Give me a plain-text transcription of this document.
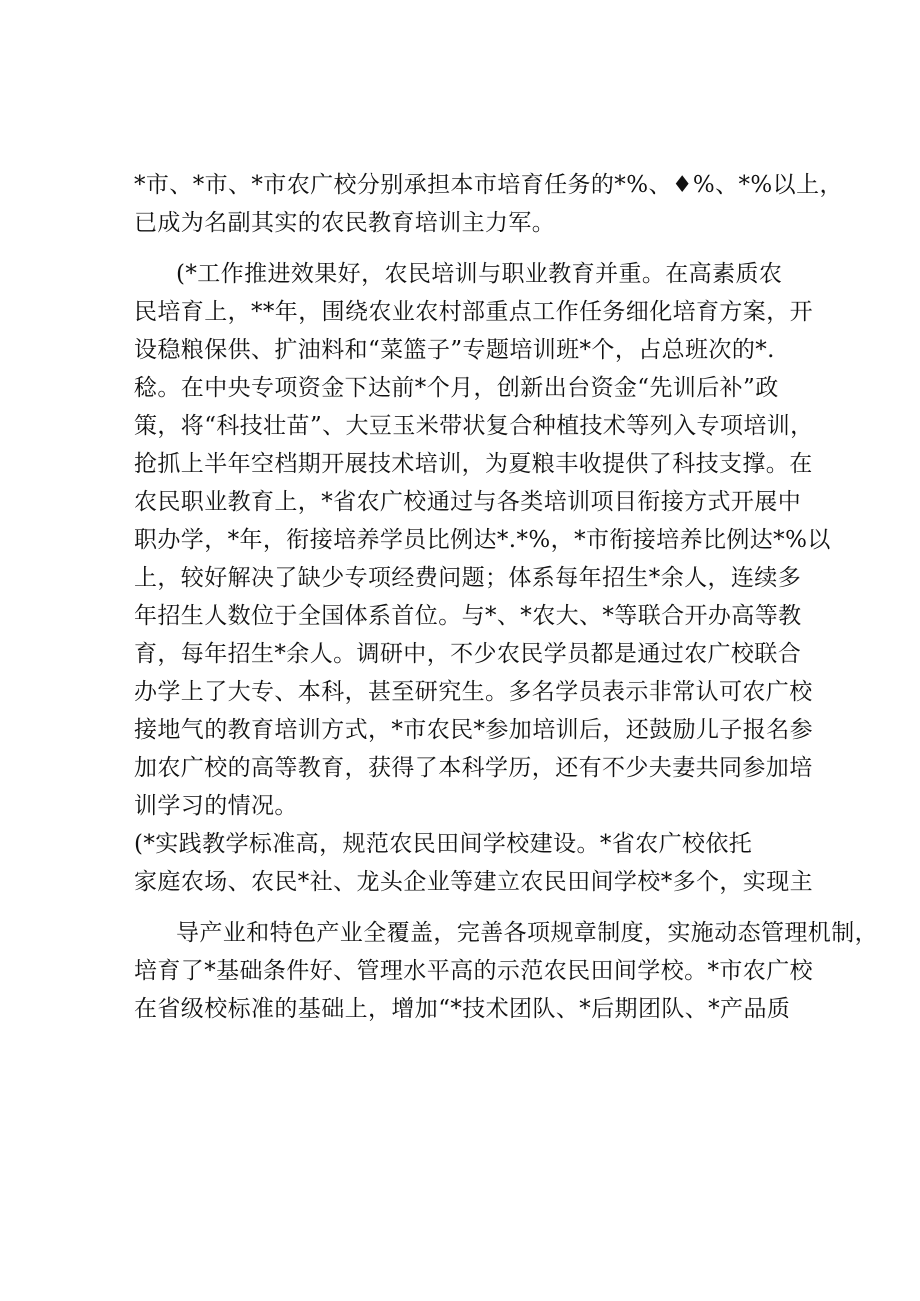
*市、*市、*市农广校分别承担本市培育任务的*%、♦%、*%以上，
已成为名副其实的农民教育培训主力军。
(*工作推进效果好，农民培训与职业教育并重。在高素质农
民培育上，**年，围绕农业农村部重点工作任务细化培育方案，开
设稳粮保供、扩油料和“菜篮子”专题培训班*个，占总班次的*.
稔。在中央专项资金下达前*个月，创新出台资金“先训后补”政
策，将“科技壮苗”、大豆玉米带状复合种植技术等列入专项培训，
抢抓上半年空档期开展技术培训，为夏粮丰收提供了科技支撑。在
农民职业教育上，*省农广校通过与各类培训项目衔接方式开展中
职办学，*年，衔接培养学员比例达*.*%，*市衔接培养比例达*%以
上，较好解决了缺少专项经费问题；体系每年招生*余人，连续多
年招生人数位于全国体系首位。与*、*农大、*等联合开办高等教
育，每年招生*余人。调研中，不少农民学员都是通过农广校联合
办学上了大专、本科，甚至研究生。多名学员表示非常认可农广校
接地气的教育培训方式，*市农民*参加培训后，还鼓励儿子报名参
加农广校的高等教育，获得了本科学历，还有不少夫妻共同参加培
训学习的情况。
(*实践教学标准高，规范农民田间学校建设。*省农广校依托
家庭农场、农民*社、龙头企业等建立农民田间学校*多个，实现主
导产业和特色产业全覆盖，完善各项规章制度，实施动态管理机制，
培育了*基础条件好、管理水平高的示范农民田间学校。*市农广校
在省级校标准的基础上，增加“*技术团队、*后期团队、*产品质
